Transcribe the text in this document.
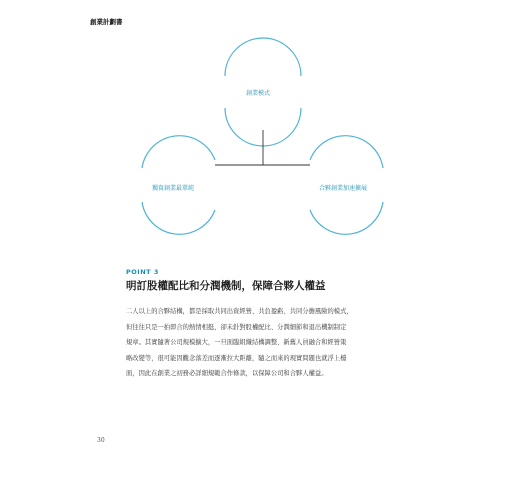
創業計劃書
創業模式
獨資創業最單純	合夥創業加速擴展
POINT 3
明訂股權配比和分潤機制，保障合夥人權益
二人以上的合夥結構，都是採取共同出資經營、共負盈虧、共同分擔風險的模式，
但往往只是一拍即合的熱情相挺，卻未針對股權配比、分潤細節和退出機制制定
規章。其實隨著公司規模擴大，一旦面臨組織結構調整、新舊人員融合和經營策
略改變等，很可能因觀念落差而逐漸拉大距離，隨之而來的現實問題也就浮上檯
面，因此在創業之初務必詳細規範合作條款，以保障公司和合夥人權益。
30
